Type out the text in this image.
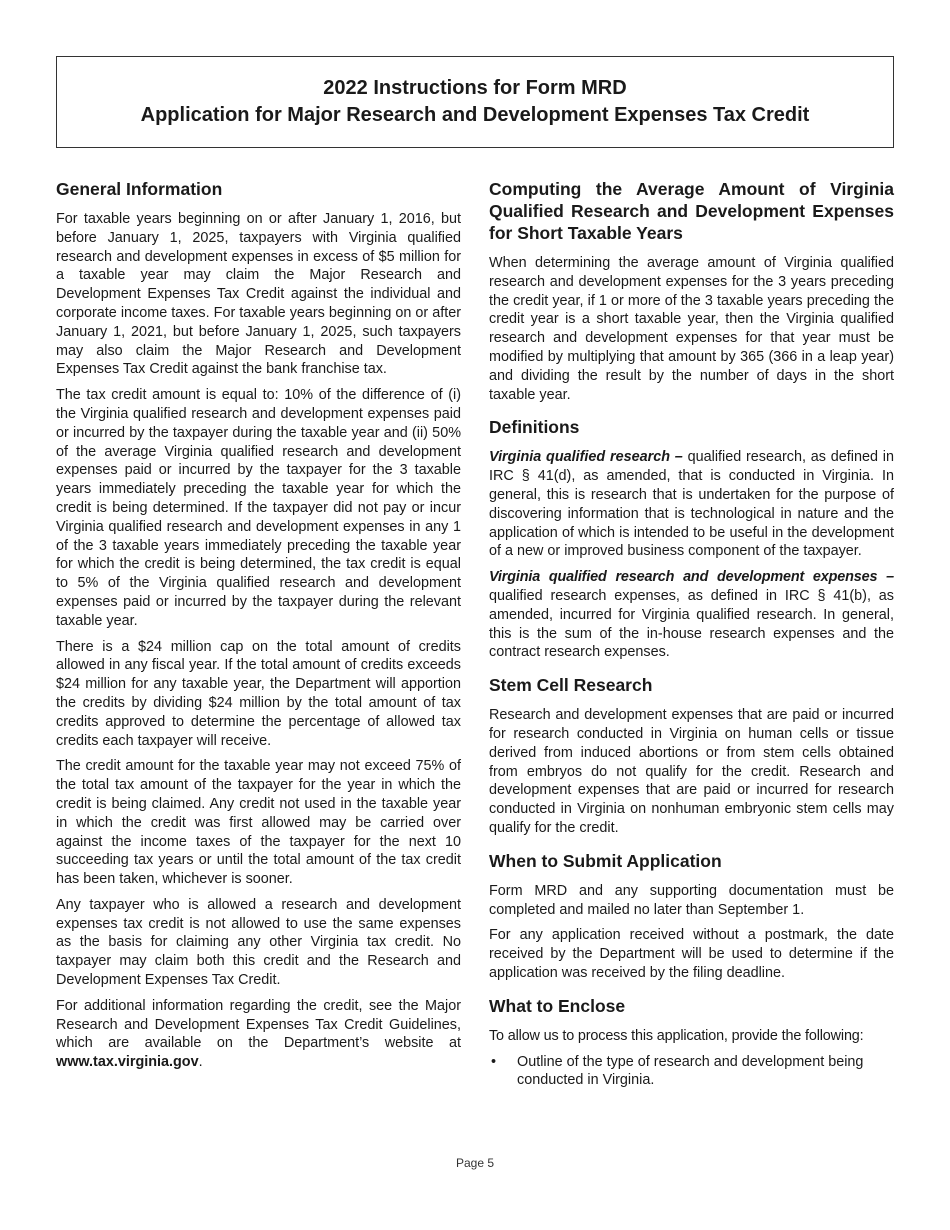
2022 Instructions for Form MRD
Application for Major Research and Development Expenses Tax Credit
General Information

For taxable years beginning on or after January 1, 2016, but before January 1, 2025, taxpayers with Virginia qualified research and development expenses in excess of $5 million for a taxable year may claim the Major Research and Development Expenses Tax Credit against the individual and corporate income taxes. For taxable years beginning on or after January 1, 2021, but before January 1, 2025, such taxpayers may also claim the Major Research and Development Expenses Tax Credit against the bank franchise tax.

The tax credit amount is equal to: 10% of the difference of (i) the Virginia qualified research and development expenses paid or incurred by the taxpayer during the taxable year and (ii) 50% of the average Virginia qualified research and development expenses paid or incurred by the taxpayer for the 3 taxable years immediately preceding the taxable year for which the credit is being determined. If the taxpayer did not pay or incur Virginia qualified research and development expenses in any 1 of the 3 taxable years immediately preceding the taxable year for which the credit is being determined, the tax credit is equal to 5% of the Virginia qualified research and development expenses paid or incurred by the taxpayer during the relevant taxable year.

There is a $24 million cap on the total amount of credits allowed in any fiscal year. If the total amount of credits exceeds $24 million for any taxable year, the Department will apportion the credits by dividing $24 million by the total amount of tax credits approved to determine the percentage of allowed tax credits each taxpayer will receive.

The credit amount for the taxable year may not exceed 75% of the total tax amount of the taxpayer for the year in which the credit is being claimed. Any credit not used in the taxable year in which the credit was first allowed may be carried over against the income taxes of the taxpayer for the next 10 succeeding tax years or until the total amount of the tax credit has been taken, whichever is sooner.

Any taxpayer who is allowed a research and development expenses tax credit is not allowed to use the same expenses as the basis for claiming any other Virginia tax credit. No taxpayer may claim both this credit and the Research and Development Expenses Tax Credit.

For additional information regarding the credit, see the Major Research and Development Expenses Tax Credit Guidelines, which are available on the Department’s website at www.tax.virginia.gov.

Computing the Average Amount of Virginia Qualified Research and Development Expenses for Short Taxable Years

When determining the average amount of Virginia qualified research and development expenses for the 3 years preceding the credit year, if 1 or more of the 3 taxable years preceding the credit year is a short taxable year, then the Virginia qualified research and development expenses for that year must be modified by multiplying that amount by 365 (366 in a leap year) and dividing the result by the number of days in the short taxable year.

Definitions

Virginia qualified research – qualified research, as defined in IRC § 41(d), as amended, that is conducted in Virginia. In general, this is research that is undertaken for the purpose of discovering information that is technological in nature and the application of which is intended to be useful in the development of a new or improved business component of the taxpayer.

Virginia qualified research and development expenses – qualified research expenses, as defined in IRC § 41(b), as amended, incurred for Virginia qualified research. In general, this is the sum of the in-house research expenses and the contract research expenses.

Stem Cell Research

Research and development expenses that are paid or incurred for research conducted in Virginia on human cells or tissue derived from induced abortions or from stem cells obtained from embryos do not qualify for the credit. Research and development expenses that are paid or incurred for research conducted in Virginia on nonhuman embryonic stem cells may qualify for the credit.

When to Submit Application

Form MRD and any supporting documentation must be completed and mailed no later than September 1.

For any application received without a postmark, the date received by the Department will be used to determine if the application was received by the filing deadline.

What to Enclose

To allow us to process this application, provide the following:

•	Outline of the type of research and development being conducted in Virginia.
Page 5
